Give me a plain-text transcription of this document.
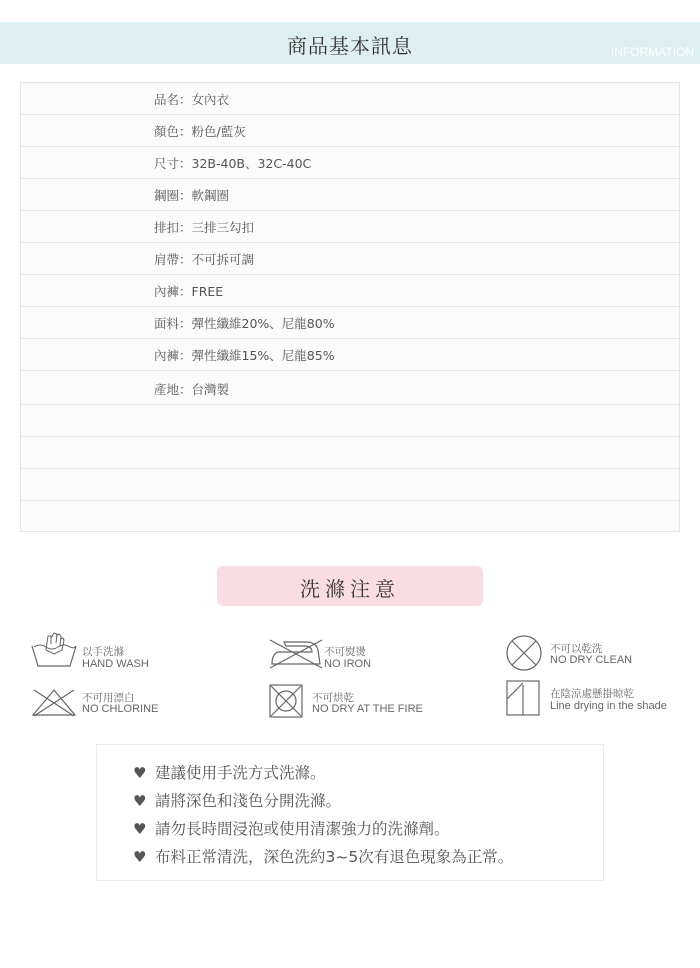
商品基本訊息	INFORMATION
品名：女內衣
顏色：粉色/藍灰
尺寸：32B-40B、32C-40C
鋼圈：軟鋼圈
排扣：三排三勾扣
肩帶：不可拆可調
內褲：FREE
面料：彈性纖維20%、尼龍80%
內褲：彈性纖維15%、尼龍85%
產地：台灣製
洗滌注意
以手洗滌
HAND WASH
不可熨燙
NO IRON
不可以乾洗
NO DRY CLEAN
不可用漂白
NO CHLORINE
不可烘乾
NO DRY AT THE FIRE
在陰涼處懸掛晾乾
Line drying in the shade
♥ 建議使用手洗方式洗滌。
♥ 請將深色和淺色分開洗滌。
♥ 請勿長時間浸泡或使用清潔強力的洗滌劑。
♥ 布料正常清洗，深色洗約3~5次有退色現象為正常。
